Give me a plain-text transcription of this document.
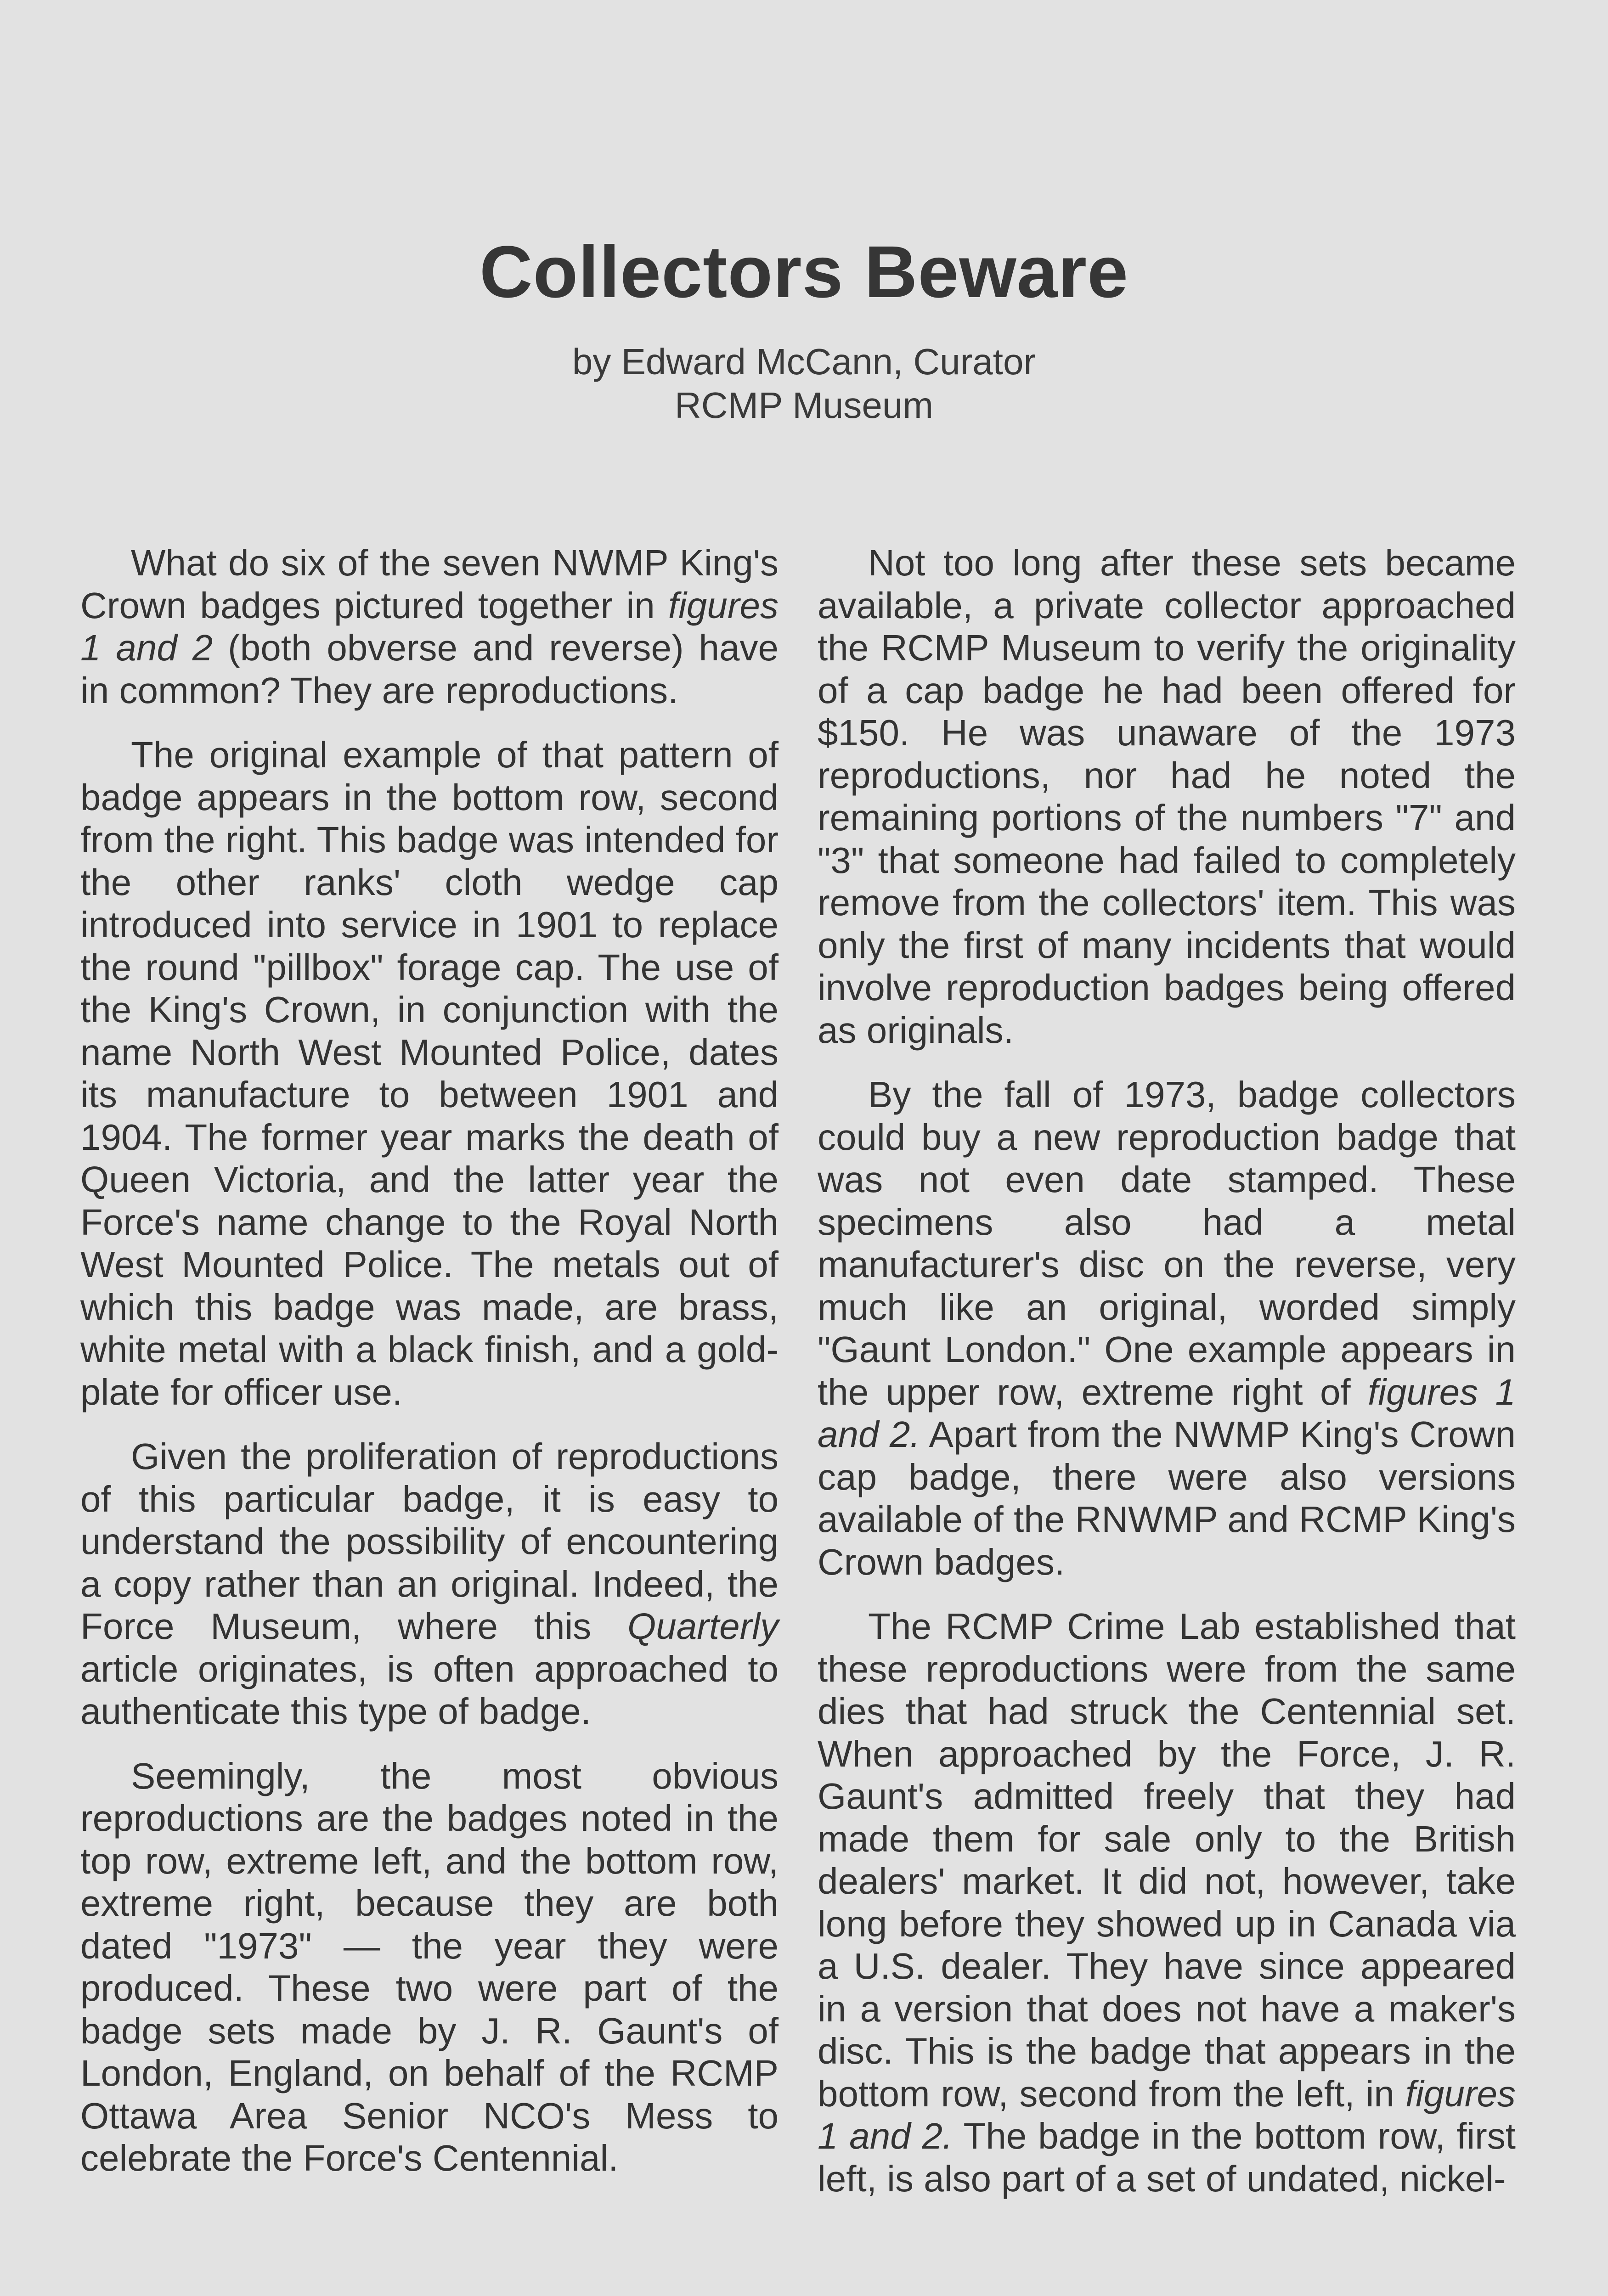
Collectors Beware
by Edward McCann, Curator
RCMP Museum

What do six of the seven NWMP King's Crown badges pictured together in figures 1 and 2 (both obverse and reverse) have in common? They are reproductions.

The original example of that pattern of badge appears in the bottom row, second from the right. This badge was intended for the other ranks' cloth wedge cap introduced into service in 1901 to replace the round "pillbox" forage cap. The use of the King's Crown, in conjunction with the name North West Mounted Police, dates its manufacture to between 1901 and 1904. The former year marks the death of Queen Victoria, and the latter year the Force's name change to the Royal North West Mounted Police. The metals out of which this badge was made, are brass, white metal with a black finish, and a gold-plate for officer use.

Given the proliferation of reproductions of this particular badge, it is easy to understand the possibility of encountering a copy rather than an original. Indeed, the Force Museum, where this Quarterly article originates, is often approached to authenticate this type of badge.

Seemingly, the most obvious reproductions are the badges noted in the top row, extreme left, and the bottom row, extreme right, because they are both dated "1973" — the year they were produced. These two were part of the badge sets made by J. R. Gaunt's of London, England, on behalf of the RCMP Ottawa Area Senior NCO's Mess to celebrate the Force's Centennial.

Not too long after these sets became available, a private collector approached the RCMP Museum to verify the originality of a cap badge he had been offered for $150. He was unaware of the 1973 reproductions, nor had he noted the remaining portions of the numbers "7" and "3" that someone had failed to completely remove from the collectors' item. This was only the first of many incidents that would involve reproduction badges being offered as originals.

By the fall of 1973, badge collectors could buy a new reproduction badge that was not even date stamped. These specimens also had a metal manufacturer's disc on the reverse, very much like an original, worded simply "Gaunt London." One example appears in the upper row, extreme right of figures 1 and 2. Apart from the NWMP King's Crown cap badge, there were also versions available of the RNWMP and RCMP King's Crown badges.

The RCMP Crime Lab established that these reproductions were from the same dies that had struck the Centennial set. When approached by the Force, J. R. Gaunt's admitted freely that they had made them for sale only to the British dealers' market. It did not, however, take long before they showed up in Canada via a U.S. dealer. They have since appeared in a version that does not have a maker's disc. This is the badge that appears in the bottom row, second from the left, in figures 1 and 2. The badge in the bottom row, first left, is also part of a set of undated, nickel-
